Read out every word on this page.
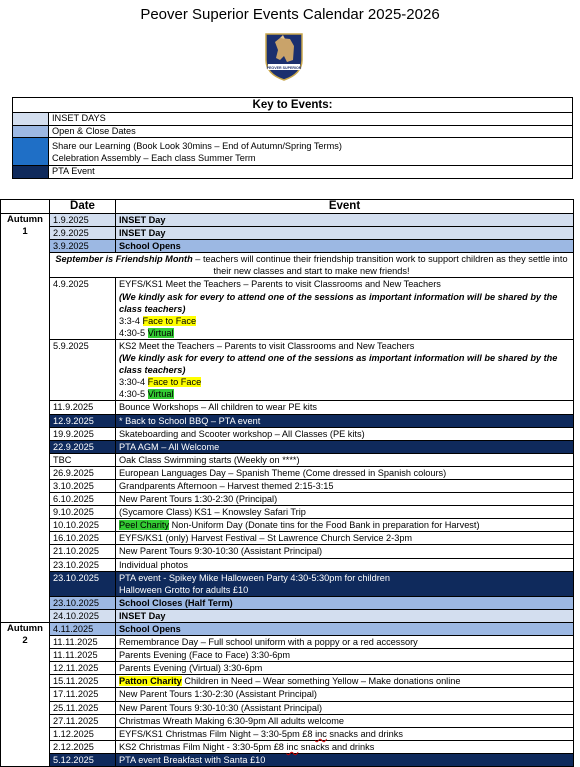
Peover Superior Events Calendar 2025-2026
PEOVER SUPERIOR
Key to Events:	
	INSET DAYS
	Open & Close Dates

	Share our Learning (Book Look 30mins – End of Autumn/Spring Terms)
Celebration Assembly – Each class Summer Term

	PTA Event
	Date	Event

Autumn
1	1.9.2025	INSET Day
	2.9.2025	INSET Day
	3.9.2025	School Opens
	September is Friendship Month – teachers will continue their friendship transition work to support children as they settle into their new classes and start to make new friends!	
	4.9.2025	EYFS/KS1 Meet the Teachers – Parents to visit Classrooms and New Teachers
(We kindly ask for every to attend one of the sessions as important information will be shared by the class teachers)
3:3-4 Face to Face
4:30-5 Virtual

	5.9.2025	KS2 Meet the Teachers – Parents to visit Classrooms and New Teachers
(We kindly ask for every to attend one of the sessions as important information will be shared by the class teachers)
3:30-4 Face to Face
4:30-5 Virtual

	11.9.2025	Bounce Workshops – All children to wear PE kits
	12.9.2025	* Back to School BBQ – PTA event
	19.9.2025	Skateboarding and Scooter workshop – All Classes (PE kits)
	22.9.2025	PTA AGM – All Welcome
	TBC	Oak Class Swimming starts (Weekly on ****)
	26.9.2025	European Languages Day – Spanish Theme (Come dressed in Spanish colours)
	3.10.2025	Grandparents Afternoon – Harvest themed 2:15-3:15
	6.10.2025	New Parent Tours 1:30-2:30 (Principal)
	9.10.2025	(Sycamore Class) KS1 – Knowsley Safari Trip
	10.10.2025	Peel Charity Non-Uniform Day (Donate tins for the Food Bank in preparation for Harvest)
	16.10.2025	EYFS/KS1 (only) Harvest Festival – St Lawrence Church Service 2-3pm
	21.10.2025	New Parent Tours 9:30-10:30 (Assistant Principal)
	23.10.2025	Individual photos
	23.10.2025	PTA event - Spikey Mike Halloween Party 4:30-5:30pm for children
Halloween Grotto for adults £10

	23.10.2025	School Closes (Half Term)
	24.10.2025	INSET Day

Autumn
2	4.11.2025	School Opens
	11.11.2025	Remembrance Day – Full school uniform with a poppy or a red accessory
	11.11.2025	Parents Evening (Face to Face) 3:30-6pm
	12.11.2025	Parents Evening (Virtual) 3:30-6pm
	15.11.2025	Patton Charity Children in Need – Wear something Yellow – Make donations online
	17.11.2025	New Parent Tours 1:30-2:30 (Assistant Principal)
	25.11.2025	New Parent Tours 9:30-10:30 (Assistant Principal)
	27.11.2025	Christmas Wreath Making 6:30-9pm All adults welcome
	1.12.2025	EYFS/KS1 Christmas Film Night – 3:30-5pm £8 inc snacks and drinks
	2.12.2025	KS2 Christmas Film Night - 3:30-5pm £8 inc snacks and drinks
	5.12.2025	PTA event Breakfast with Santa £10
